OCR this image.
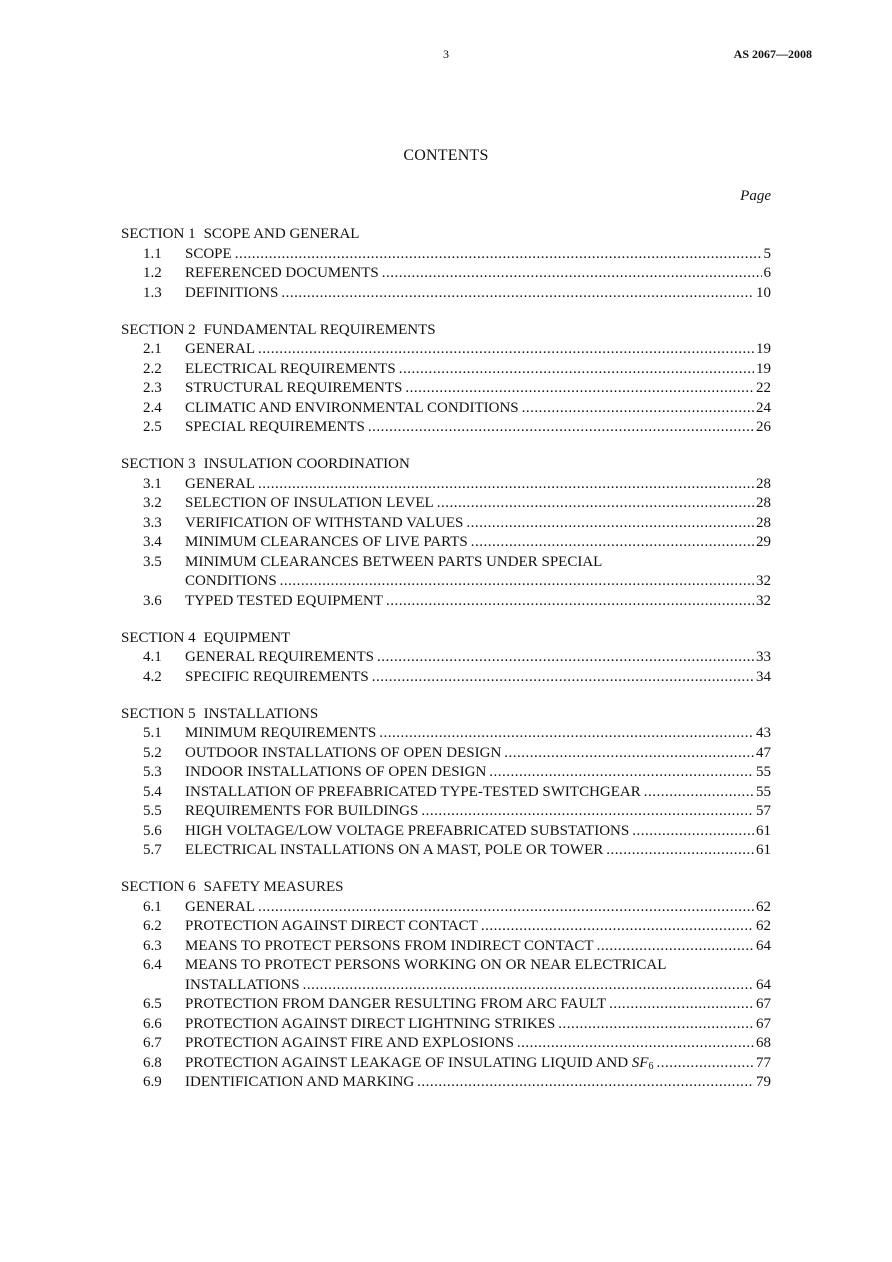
3	AS 2067—2008
CONTENTS
Page
SECTION 1 SCOPE AND GENERAL
1.1	SCOPE .....	5
1.2	REFERENCED DOCUMENTS .....	6
1.3	DEFINITIONS .....	10
SECTION 2 FUNDAMENTAL REQUIREMENTS
2.1	GENERAL .....	19
2.2	ELECTRICAL REQUIREMENTS .....	19
2.3	STRUCTURAL REQUIREMENTS .....	22
2.4	CLIMATIC AND ENVIRONMENTAL CONDITIONS .....	24
2.5	SPECIAL REQUIREMENTS .....	26
SECTION 3 INSULATION COORDINATION
3.1	GENERAL .....	28
3.2	SELECTION OF INSULATION LEVEL .....	28
3.3	VERIFICATION OF WITHSTAND VALUES .....	28
3.4	MINIMUM CLEARANCES OF LIVE PARTS .....	29
3.5	MINIMUM CLEARANCES BETWEEN PARTS UNDER SPECIAL
CONDITIONS .....	32
3.6	TYPED TESTED EQUIPMENT .....	32
SECTION 4 EQUIPMENT
4.1	GENERAL REQUIREMENTS .....	33
4.2	SPECIFIC REQUIREMENTS .....	34
SECTION 5 INSTALLATIONS
5.1	MINIMUM REQUIREMENTS .....	43
5.2	OUTDOOR INSTALLATIONS OF OPEN DESIGN .....	47
5.3	INDOOR INSTALLATIONS OF OPEN DESIGN .....	55
5.4	INSTALLATION OF PREFABRICATED TYPE-TESTED SWITCHGEAR .....	55
5.5	REQUIREMENTS FOR BUILDINGS .....	57
5.6	HIGH VOLTAGE/LOW VOLTAGE PREFABRICATED SUBSTATIONS .....	61
5.7	ELECTRICAL INSTALLATIONS ON A MAST, POLE OR TOWER .....	61
SECTION 6 SAFETY MEASURES
6.1	GENERAL .....	62
6.2	PROTECTION AGAINST DIRECT CONTACT .....	62
6.3	MEANS TO PROTECT PERSONS FROM INDIRECT CONTACT .....	64
6.4	MEANS TO PROTECT PERSONS WORKING ON OR NEAR ELECTRICAL
INSTALLATIONS .....	64
6.5	PROTECTION FROM DANGER RESULTING FROM ARC FAULT .....	67
6.6	PROTECTION AGAINST DIRECT LIGHTNING STRIKES .....	67
6.7	PROTECTION AGAINST FIRE AND EXPLOSIONS .....	68
6.8	PROTECTION AGAINST LEAKAGE OF INSULATING LIQUID AND SF6 .....	77
6.9	IDENTIFICATION AND MARKING .....	79
